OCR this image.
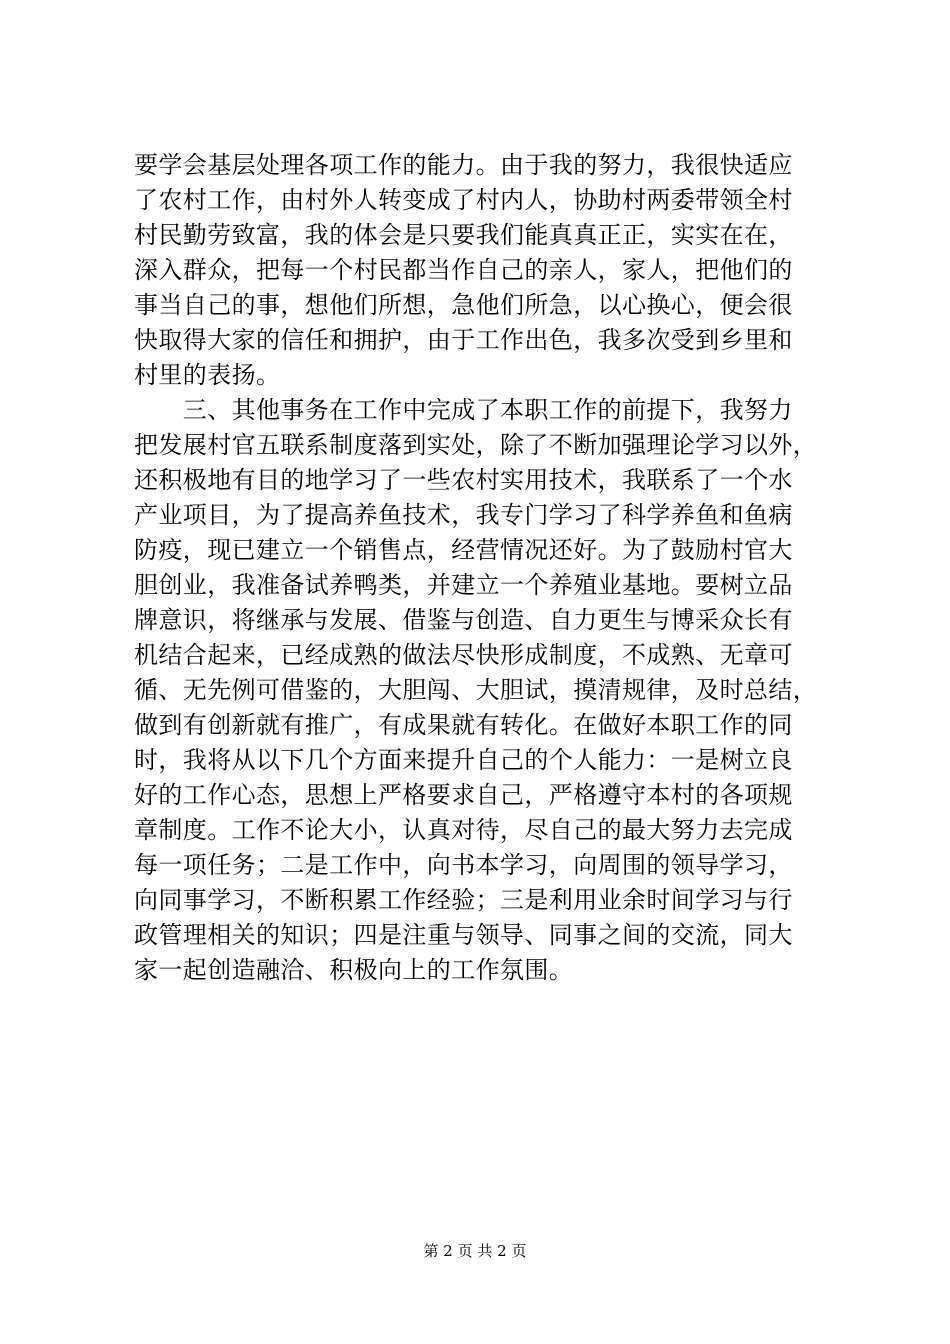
要学会基层处理各项工作的能力。由于我的努力，我很快适应
了农村工作，由村外人转变成了村内人，协助村两委带领全村
村民勤劳致富，我的体会是只要我们能真真正正，实实在在，
深入群众，把每一个村民都当作自己的亲人，家人，把他们的
事当自己的事，想他们所想，急他们所急，以心换心，便会很
快取得大家的信任和拥护，由于工作出色，我多次受到乡里和
村里的表扬。
　　三、其他事务在工作中完成了本职工作的前提下，我努力
把发展村官五联系制度落到实处，除了不断加强理论学习以外，
还积极地有目的地学习了一些农村实用技术，我联系了一个水
产业项目，为了提高养鱼技术，我专门学习了科学养鱼和鱼病
防疫，现已建立一个销售点，经营情况还好。为了鼓励村官大
胆创业，我准备试养鸭类，并建立一个养殖业基地。要树立品
牌意识，将继承与发展、借鉴与创造、自力更生与博采众长有
机结合起来，已经成熟的做法尽快形成制度，不成熟、无章可
循、无先例可借鉴的，大胆闯、大胆试，摸清规律，及时总结，
做到有创新就有推广，有成果就有转化。在做好本职工作的同
时，我将从以下几个方面来提升自己的个人能力：一是树立良
好的工作心态，思想上严格要求自己，严格遵守本村的各项规
章制度。工作不论大小，认真对待，尽自己的最大努力去完成
每一项任务；二是工作中，向书本学习，向周围的领导学习，
向同事学习，不断积累工作经验；三是利用业余时间学习与行
政管理相关的知识；四是注重与领导、同事之间的交流，同大
家一起创造融洽、积极向上的工作氛围。
第 2 页 共 2 页
